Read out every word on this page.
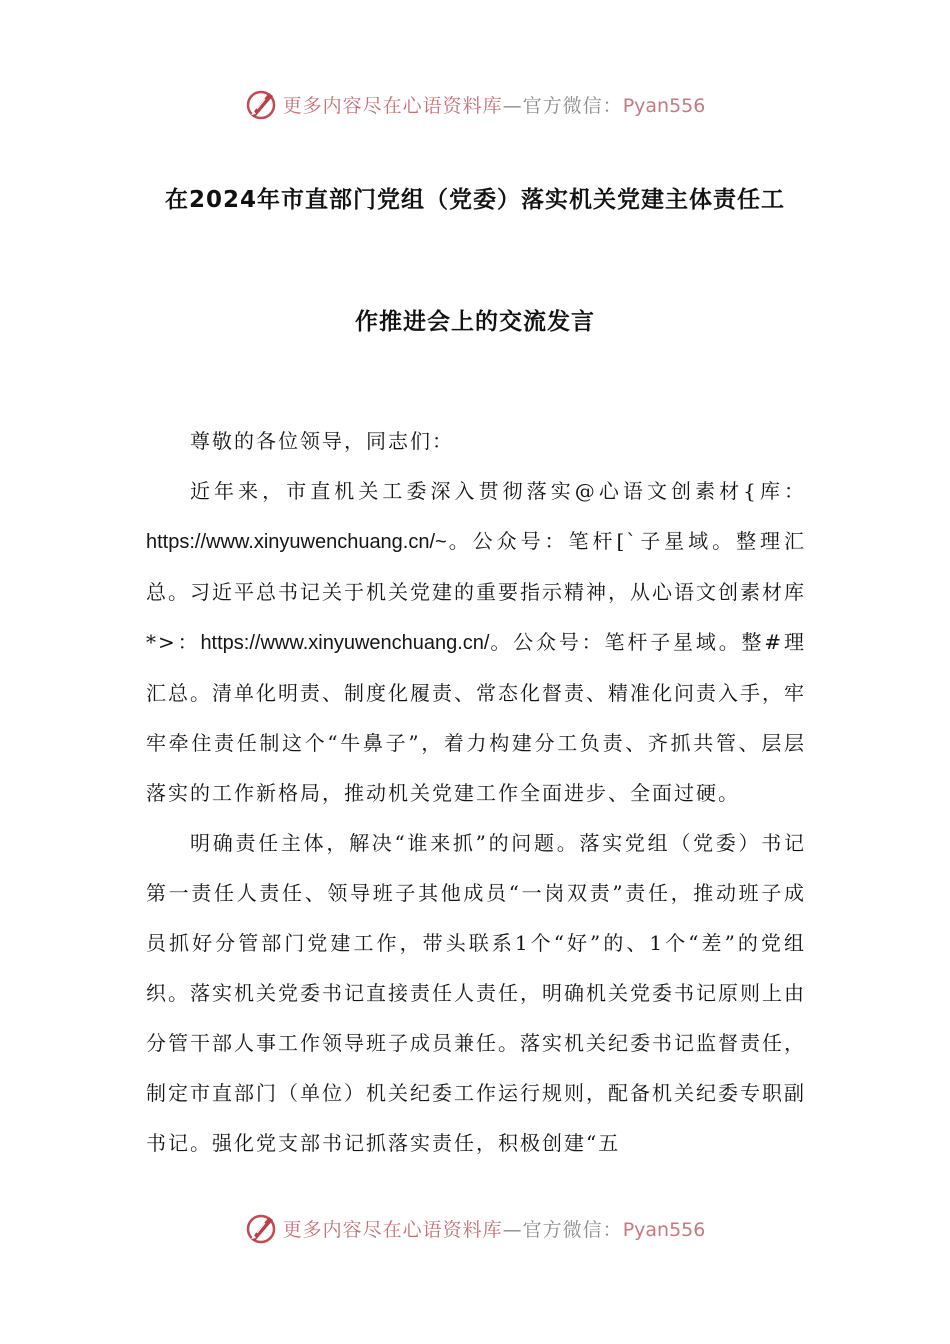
更多内容尽在心语资料库—官方微信：Pyan556
在2024年市直部门党组（党委）落实机关党建主体责任工
作推进会上的交流发言

尊敬的各位领导，同志们：

近年来，市直机关工委深入贯彻落实@心语文创素材{库：https://www.xinyuwenchuang.cn/~。公众号：笔杆[`子星域。整理汇总。习近平总书记关于机关党建的重要指示精神，从心语文创素材库*>：https://www.xinyuwenchuang.cn/。公众号：笔杆子星域。整#理汇总。清单化明责、制度化履责、常态化督责、精准化问责入手，牢牢牵住责任制这个“牛鼻子”，着力构建分工负责、齐抓共管、层层落实的工作新格局，推动机关党建工作全面进步、全面过硬。

明确责任主体，解决“谁来抓”的问题。落实党组（党委）书记第一责任人责任、领导班子其他成员“一岗双责”责任，推动班子成员抓好分管部门党建工作，带头联系1个“好”的、1个“差”的党组织。落实机关党委书记直接责任人责任，明确机关党委书记原则上由分管干部人事工作领导班子成员兼任。落实机关纪委书记监督责任，制定市直部门（单位）机关纪委工作运行规则，配备机关纪委专职副书记。强化党支部书记抓落实责任，积极创建“五

更多内容尽在心语资料库—官方微信：Pyan556
